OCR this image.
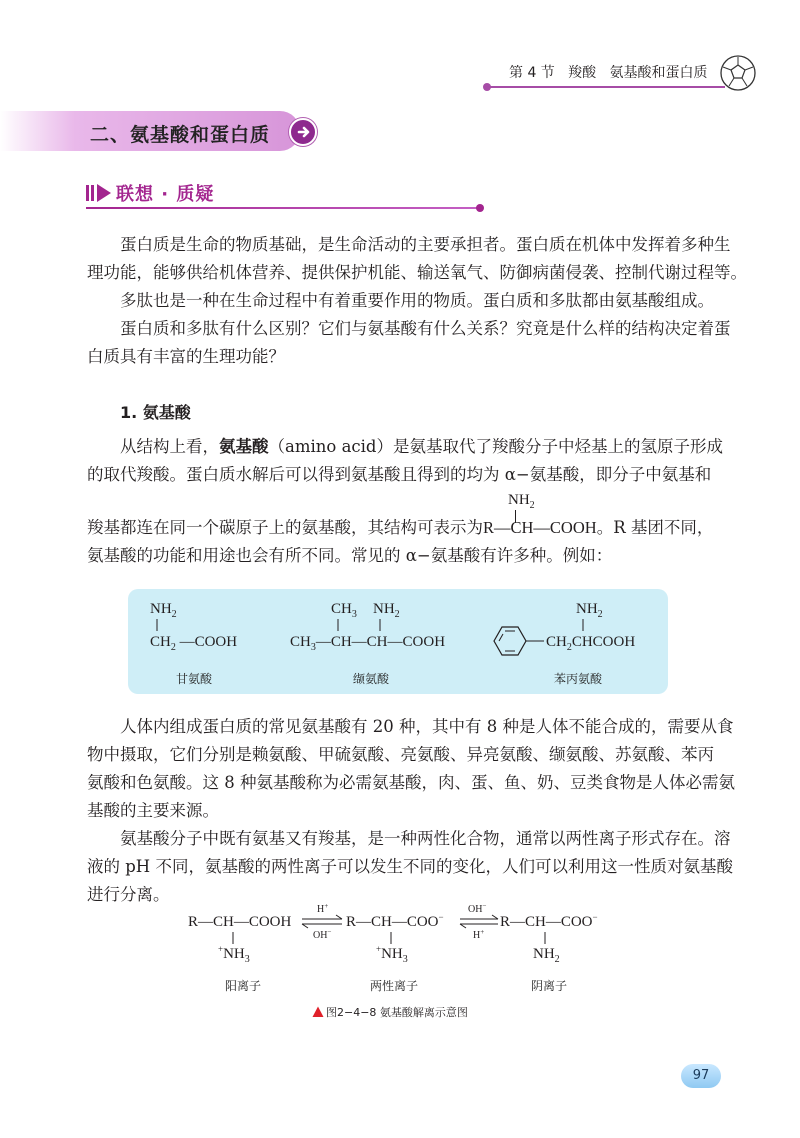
第 4 节 羧酸 氨基酸和蛋白质
二、氨基酸和蛋白质
联想 · 质疑
蛋白质是生命的物质基础，是生命活动的主要承担者。蛋白质在机体中发挥着多种生
理功能，能够供给机体营养、提供保护机能、输送氧气、防御病菌侵袭、控制代谢过程等。
多肽也是一种在生命过程中有着重要作用的物质。蛋白质和多肽都由氨基酸组成。
蛋白质和多肽有什么区别？它们与氨基酸有什么关系？究竟是什么样的结构决定着蛋
白质具有丰富的生理功能？
1. 氨基酸
从结构上看，氨基酸（amino acid）是氨基取代了羧酸分子中烃基上的氢原子形成
的取代羧酸。蛋白质水解后可以得到氨基酸且得到的均为 α−氨基酸，即分子中氨基和
$NH_2$
羧基都连在同一个碳原子上的氨基酸，其结构可表示为R—CH—COOH。R 基团不同，
氨基酸的功能和用途也会有所不同。常见的 α−氨基酸有许多种。例如：
$NH_2$
$CH_2$ —COOH
$CH_3$ $NH_2$
$CH_3—CH—CH—COOH$
$NH_2$
$CH_2CHCOOH$
甘氨酸	缬氨酸	苯丙氨酸
人体内组成蛋白质的常见氨基酸有 20 种，其中有 8 种是人体不能合成的，需要从食
物中摄取，它们分别是赖氨酸、甲硫氨酸、亮氨酸、异亮氨酸、缬氨酸、苏氨酸、苯丙
氨酸和色氨酸。这 8 种氨基酸称为必需氨基酸，肉、蛋、鱼、奶、豆类食物是人体必需氨
基酸的主要来源。
氨基酸分子中既有氨基又有羧基，是一种两性化合物，通常以两性离子形式存在。溶
液的 pH 不同，氨基酸的两性离子可以发生不同的变化，人们可以利用这一性质对氨基酸
进行分离。
R—CH—COOH
$^+NH_3$
H+
OH−
R—CH—COO−
$^+NH_3$
OH−
H+
R—CH—COO−
$NH_2$
阳离子	两性离子	阴离子
图2−4−8 氨基酸解离示意图
97
